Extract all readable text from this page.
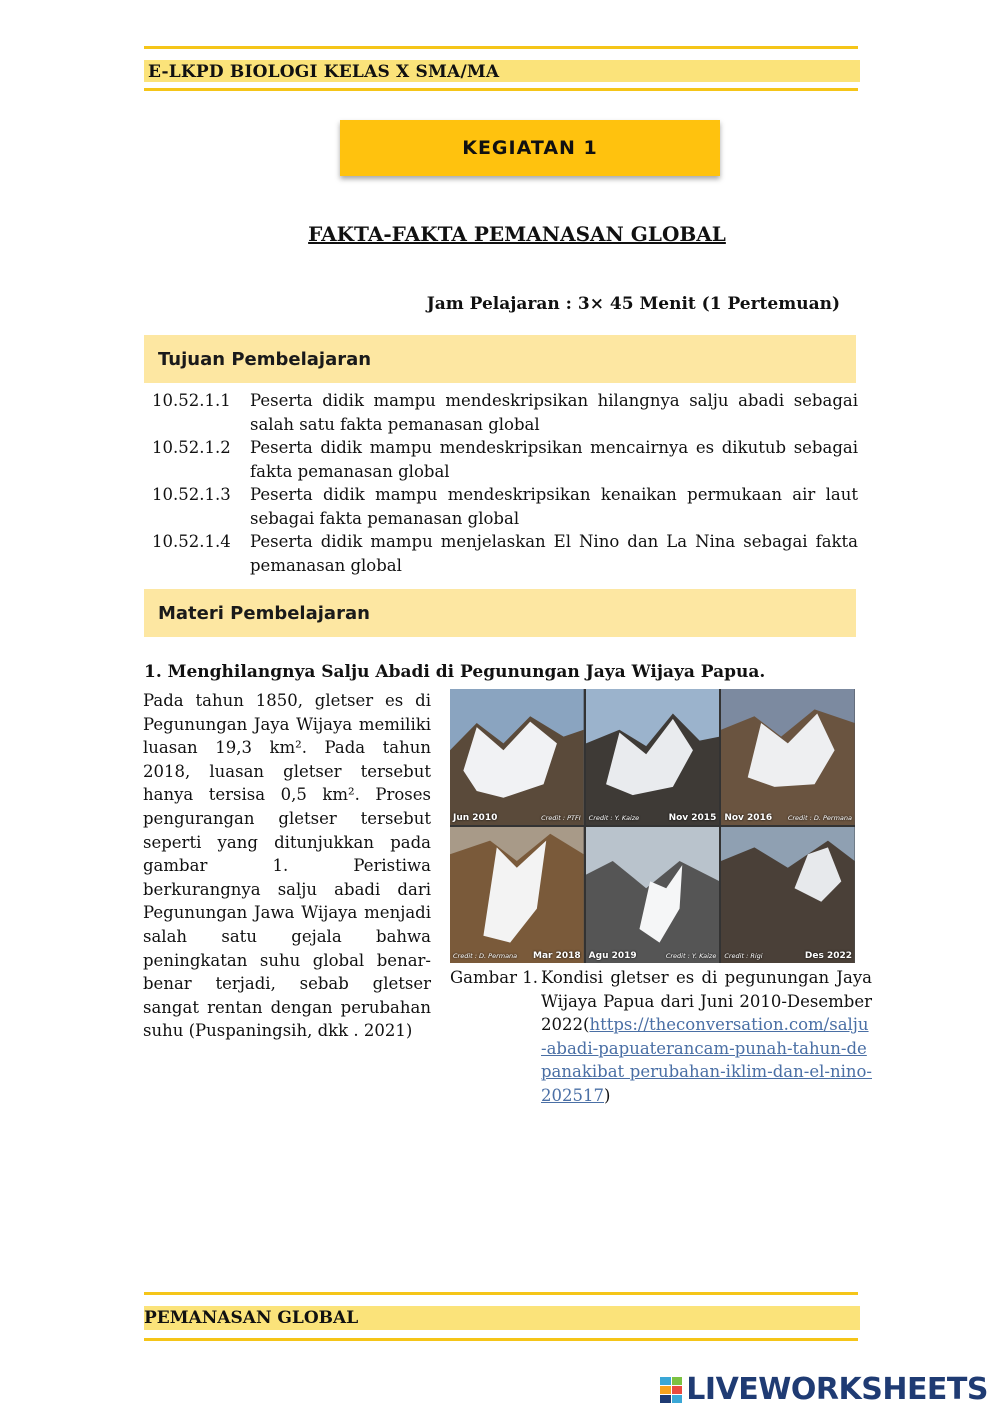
E-LKPD BIOLOGI KELAS X SMA/MA
KEGIATAN 1
FAKTA-FAKTA PEMANASAN GLOBAL
Jam Pelajaran : 3× 45 Menit (1 Pertemuan)
Tujuan Pembelajaran
10.52.1.1	Peserta didik mampu mendeskripsikan hilangnya salju abadi sebagai salah satu fakta pemanasan global
10.52.1.2	Peserta didik mampu mendeskripsikan mencairnya es dikutub sebagai fakta pemanasan global
10.52.1.3	Peserta didik mampu mendeskripsikan kenaikan permukaan air laut sebagai fakta pemanasan global
10.52.1.4	Peserta didik mampu menjelaskan El Nino dan La Nina sebagai fakta pemanasan global
Materi Pembelajaran
1. Menghilangnya Salju Abadi di Pegunungan Jaya Wijaya Papua.
Pada tahun 1850, gletser es di Pegunungan Jaya Wijaya memiliki luasan 19,3 km². Pada tahun 2018, luasan gletser tersebut hanya tersisa 0,5 km². Proses pengurangan gletser tersebut seperti yang ditunjukkan pada gambar 1. Peristiwa berkurangnya salju abadi dari Pegunungan Jawa Wijaya menjadi salah satu gejala bahwa peningkatan suhu global benar-benar terjadi, sebab gletser sangat rentan dengan perubahan suhu (Puspaningsih, dkk . 2021)
Jun 2010	Credit : PTFI Credit : Y. Kaize	Nov 2015 Nov 2016 Credit : D. Permana
Credit : D. Permana Mar 2018 Agu 2019	Credit : Y. Kaize Credit : Rigi	Des 2022
Gambar 1. Kondisi gletser es di pegunungan Jaya Wijaya Papua dari Juni 2010-Desember 2022(https://theconversation.com/salju-abadi-papuaterancam-punah-tahun-depanakibat perubahan-iklim-dan-el-nino-202517)
PEMANASAN GLOBAL
LIVEWORKSHEETS
